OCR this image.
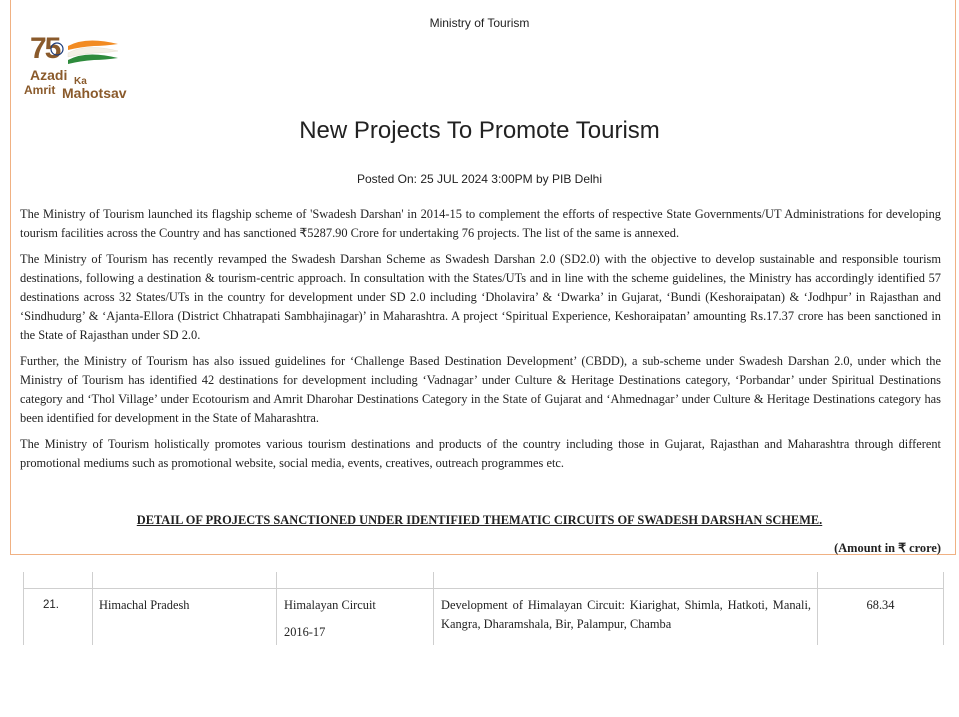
Ministry of Tourism
75
Azadi Ka
Amrit Mahotsav
New Projects To Promote Tourism
Posted On: 25 JUL 2024 3:00PM by PIB Delhi

The Ministry of Tourism launched its flagship scheme of 'Swadesh Darshan' in 2014-15 to complement the efforts of respective State Governments/UT Administrations for developing tourism facilities across the Country and has sanctioned ₹5287.90 Crore for undertaking 76 projects. The list of the same is annexed.

The Ministry of Tourism has recently revamped the Swadesh Darshan Scheme as Swadesh Darshan 2.0 (SD2.0) with the objective to develop sustainable and responsible tourism destinations, following a destination & tourism-centric approach. In consultation with the States/UTs and in line with the scheme guidelines, the Ministry has accordingly identified 57 destinations across 32 States/UTs in the country for development under SD 2.0 including ‘Dholavira’ & ‘Dwarka’ in Gujarat, ‘Bundi (Keshoraipatan) & ‘Jodhpur’ in Rajasthan and ‘Sindhudurg’ & ‘Ajanta-Ellora (District Chhatrapati Sambhajinagar)’ in Maharashtra. A project ‘Spiritual Experience, Keshoraipatan’ amounting Rs.17.37 crore has been sanctioned in the State of Rajasthan under SD 2.0.

Further, the Ministry of Tourism has also issued guidelines for ‘Challenge Based Destination Development’ (CBDD), a sub-scheme under Swadesh Darshan 2.0, under which the Ministry of Tourism has identified 42 destinations for development including ‘Vadnagar’ under Culture & Heritage Destinations category, ‘Porbandar’ under Spiritual Destinations category and ‘Thol Village’ under Ecotourism and Amrit Dharohar Destinations Category in the State of Gujarat and ‘Ahmednagar’ under Culture & Heritage Destinations category has been identified for development in the State of Maharashtra.

The Ministry of Tourism holistically promotes various tourism destinations and products of the country including those in Gujarat, Rajasthan and Maharashtra through different promotional mediums such as promotional website, social media, events, creatives, outreach programmes etc.

DETAIL OF PROJECTS SANCTIONED UNDER IDENTIFIED THEMATIC CIRCUITS OF SWADESH DARSHAN SCHEME.
(Amount in ₹ crore)
21.	Himachal Pradesh	Himalayan Circuit
2016-17
Development of Himalayan Circuit: Kiarighat, Shimla, Hatkoti, Manali, Kangra, Dharamshala, Bir, Palampur, Chamba
68.34
